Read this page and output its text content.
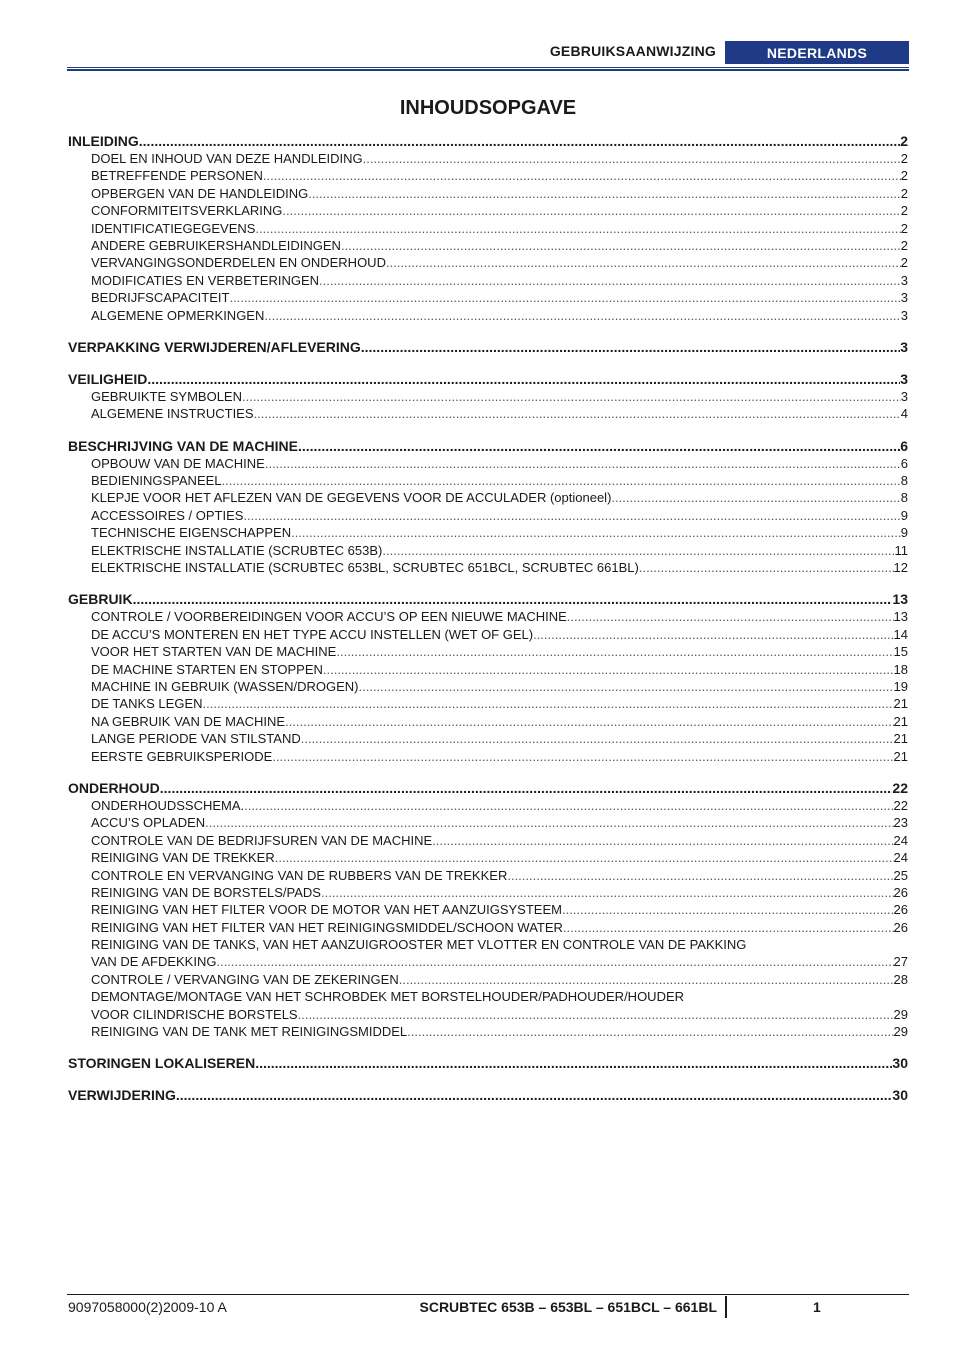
GEBRUIKSAANWIJZING	NEDERLANDS
INHOUDSOPGAVE
INLEIDING .....	2
DOEL EN INHOUD VAN DEZE HANDLEIDING .....	2
BETREFFENDE PERSONEN .....	2
OPBERGEN VAN DE HANDLEIDING .....	2
CONFORMITEITSVERKLARING .....	2
IDENTIFICATIEGEGEVENS .....	2
ANDERE GEBRUIKERSHANDLEIDINGEN .....	2
VERVANGINGSONDERDELEN EN ONDERHOUD .....	2
MODIFICATIES EN VERBETERINGEN .....	3
BEDRIJFSCAPACITEIT .....	3
ALGEMENE OPMERKINGEN .....	3
VERPAKKING VERWIJDEREN/AFLEVERING .....	3
VEILIGHEID .....	3
GEBRUIKTE SYMBOLEN .....	3
ALGEMENE INSTRUCTIES .....	4
BESCHRIJVING VAN DE MACHINE .....	6
OPBOUW VAN DE MACHINE .....	6
BEDIENINGSPANEEL .....	8
KLEPJE VOOR HET AFLEZEN VAN DE GEGEVENS VOOR DE ACCULADER (optioneel) .....	8
ACCESSOIRES / OPTIES .....	9
TECHNISCHE EIGENSCHAPPEN .....	9
ELEKTRISCHE INSTALLATIE (SCRUBTEC 653B) .....	11
ELEKTRISCHE INSTALLATIE (SCRUBTEC 653BL, SCRUBTEC 651BCL, SCRUBTEC 661BL) .....	12
GEBRUIK .....	13
CONTROLE / VOORBEREIDINGEN VOOR ACCU’S OP EEN NIEUWE MACHINE .....	13
DE ACCU’S MONTEREN EN HET TYPE ACCU INSTELLEN (WET OF GEL) .....	14
VOOR HET STARTEN VAN DE MACHINE .....	15
DE MACHINE STARTEN EN STOPPEN .....	18
MACHINE IN GEBRUIK (WASSEN/DROGEN) .....	19
DE TANKS LEGEN .....	21
NA GEBRUIK VAN DE MACHINE .....	21
LANGE PERIODE VAN STILSTAND .....	21
EERSTE GEBRUIKSPERIODE .....	21
ONDERHOUD .....	22
ONDERHOUDSSCHEMA. .....	22
ACCU’S OPLADEN .....	23
CONTROLE VAN DE BEDRIJFSUREN VAN DE MACHINE .....	24
REINIGING VAN DE TREKKER .....	24
CONTROLE EN VERVANGING VAN DE RUBBERS VAN DE TREKKER .....	25
REINIGING VAN DE BORSTELS/PADS .....	26
REINIGING VAN HET FILTER VOOR DE MOTOR VAN HET AANZUIGSYSTEEM .....	26
REINIGING VAN HET FILTER VAN HET REINIGINGSMIDDEL/SCHOON WATER .....	26
REINIGING VAN DE TANKS, VAN HET AANZUIGROOSTER MET VLOTTER EN CONTROLE VAN DE PAKKING
VAN DE AFDEKKING .....	27
CONTROLE / VERVANGING VAN DE ZEKERINGEN .....	28
DEMONTAGE/MONTAGE VAN HET SCHROBDEK MET BORSTELHOUDER/PADHOUDER/HOUDER
VOOR CILINDRISCHE BORSTELS .....	29
REINIGING VAN DE TANK MET REINIGINGSMIDDEL .....	29
STORINGEN LOKALISEREN .....	30
VERWIJDERING .....	30
9097058000(2)2009-10 A	SCRUBTEC 653B – 653BL – 651BCL – 661BL	1
